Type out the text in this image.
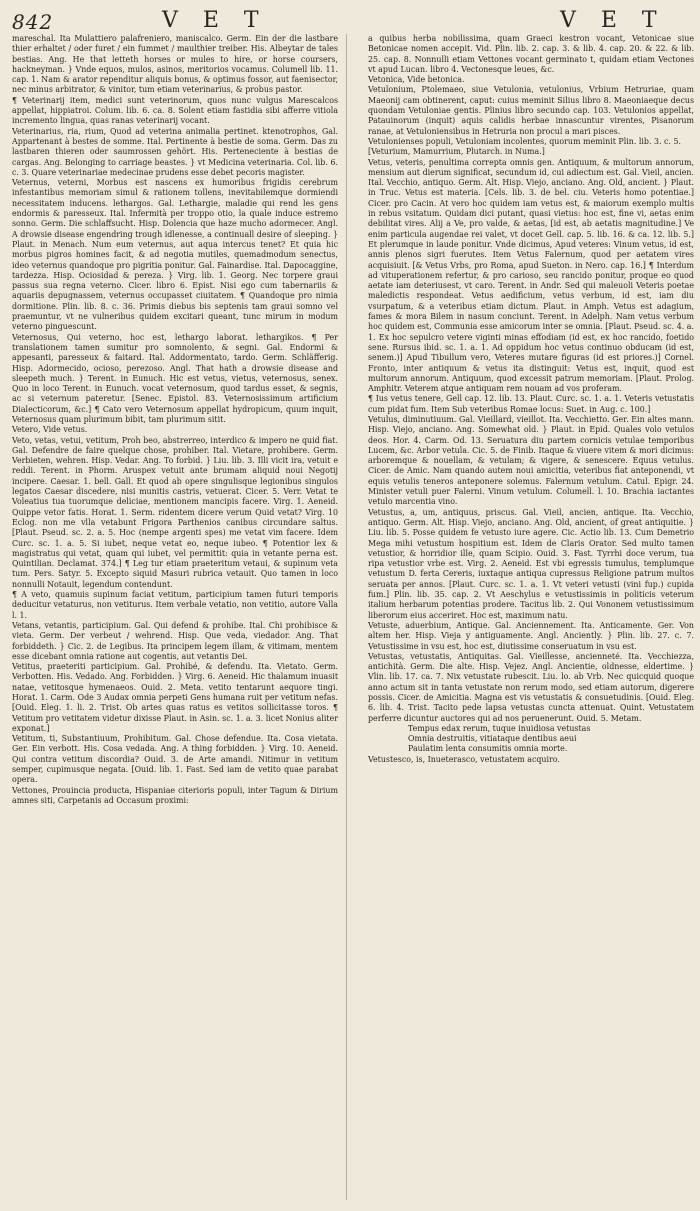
842	V E T	V E T

mareschal. Ita Mulattiero palafreniero, maniscalco. Germ. Ein der die lastbare thier erhaltet / oder furet / ein fummet / maulthier treiber. His. Albeytar de tales bestias. Ang. He that letteth horses or mules to hire, or horse coursers, hackneyman. } Vnde equos, mulos, asinos, meritorios vocamus. Columell lib. 11. cap. 1. Nam & arator rependitur aliquis bonus, & optimus fossor, aut faenisector, nec minus arbitrator, & vinitor, tum etiam veterinarius, & probus pastor.

¶ Veterinarij item, medici sunt veterinorum, quos nunc vulgus Marescalcos appellat, hippiatroi. Colum. lib. 6. ca. 8. Solent etiam fastidia sibi afferre vitiola incremento lingua, quas ranas veterinarij vocant.

Veterinarius, ria, rium, Quod ad veterina animalia pertinet. ktenotrophos, Gal. Appartenant à bestes de somme. Ital. Pertinente à bestie de soma. Germ. Das zu lastbaren thieren oder saumrossen gehört. His. Perteneciente à bestias de cargas. Ang. Belonging to carriage beastes. } vt Medicina veterinaria. Col. lib. 6. c. 3. Quare veterinariae medecinae prudens esse debet pecoris magister.

Veternus, veterni, Morbus est nascens ex humoribus frigidis cerebrum infestantibus memoriam simul & rationem tollens, inevitabilemque dormiendi necessitatem inducens. lethargos. Gal. Lethargie, maladie qui rend les gens endormis & paresseux. Ital. Infermità per troppo otio, la quale induce estremo sonno. Germ. Die schlaffsucht. Hisp. Dolencia que haze mucho adormecer. Angl. A drowsie disease engendring trough idlenesse, a continuall desire of sleeping. } Plaut. in Menach. Num eum veternus, aut aqua intercus tenet? Et quia hic morbus pigros homines facit, & ad negotia mutiles, quemadmodum senectus, ideo veternus quandoque pro pigritia ponitur. Gal. Fainardise. Ital. Dapocaggine, tardezza. Hisp. Ociosidad & pereza. } Virg. lib. 1. Georg. Nec torpere graui passus sua regna veterno. Cicer. libro 6. Epist. Nisi ego cum tabernariis & aquariis depugnassem, veternus occupasset ciuitatem. ¶ Quandoque pro nimia dormitione. Plin. lib. 8. c. 36. Primis diebus bis septenis tam graui somno vel praemuntur, vt ne vulneribus quidem excitari queant, tunc mirum in modum veterno pinguescunt.

Veternosus, Qui veterno, hoc est, lethargo laborat. lethargikos. ¶ Per translationem tamen sumitur pro somnolento, & segni. Gal. Endormi & appesanti, paresseux & faitard. Ital. Addormentato, tardo. Germ. Schläfferig. Hisp. Adormecido, ocioso, perezoso. Angl. That hath a drowsie disease and sleepeth much. } Terent. in Eunuch. Hic est vetus, vietus, veternosus, senex. Quo in loco Terent. in Eunuch. vocat veternosum, quod tardus esset, & segnis, ac si veternum pateretur. [Senec. Epistol. 83. Veternosissimum artificium Dialecticorum, &c.] ¶ Cato vero Veternosum appellat hydropicum, quum inquit, Veternosus quam plurimum bibit, tam plurimum sitit.

Vetero, Vide vetus.

Veto, vetas, vetui, vetitum, Proh beo, abstrerreo, interdico & impero ne quid fiat. Gal. Defendre de faire quelque chose, prohiber. Ital. Vietare, prohibere. Germ. Verbieten, wehren. Hisp. Vedar. Ang. To forbid. } Liu. lib. 3. Illi vicit ira, vetuit e reddi. Terent. in Phorm. Aruspex vetuit ante brumam aliquid noui Negotij incipere. Caesar. 1. bell. Gall. Et quod ab opere singulisque legionibus singulos legatos Caesar discedere, nisi munitis castris, vetuerat. Cicer. 5. Verr. Vetat te Voleatius tua tuorumque deliciae, mentionem mancipis facere. Virg. 1. Aeneid. Quippe vetor fatis. Horat. 1. Serm. ridentem dicere verum Quid vetat? Virg. 10 Eclog. non me vlla vetabunt Frigora Parthenios canibus circundare saltus. [Plaut. Pseud. sc. 2. a. 5. Hoc (nempe argenti spes) me vetat vim facere. Idem Curc. sc. 1. a. 5. Si iubet, neque vetat eo, neque iubeo. ¶ Potentior lex & magistratus qui vetat, quam qui iubet, vel permittit: quia in vetante perna est. Quintilian. Declamat. 374.] ¶ Leg tur etiam praeteritum vetaui, & supinum veta tum. Pers. Satyr. 5. Excepto siquid Masuri rubrica vetauit. Quo tamen in loco nonnulli Notauit, legendum contendunt.

¶ A veto, quamuis supinum faciat vetitum, participium tamen futuri temporis deducitur vetaturus, non vetiturus. Item verbale vetatio, non vetitio, autore Valla l. 1.

Vetans, vetantis, participium. Gal. Qui defend & prohibe. Ital. Chi prohibisce & vieta. Germ. Der verbeut / wehrend. Hisp. Que veda, viedador. Ang. That forbiddeth. } Cic. 2. de Legibus. Ita principem legem illam, & vitimam, mentem esse dicebant omnia ratione aut cogentis, aut vetantis Dei.

Vetitus, praeteriti participium. Gal. Prohibé, & defendu. Ita. Vietato. Germ. Verbotten. His. Vedado. Ang. Forbidden. } Virg. 6. Aeneid. Hic thalamum inuasit natae, vetitosque hymenaeos. Ouid. 2. Meta. vetito tentarunt aequore tingi. Horat. 1. Carm. Ode 3 Audax omnia perpeti Gens humana ruit per vetitum nefas. [Ouid. Eleg. 1. li. 2. Trist. Ob artes quas ratus es vetitos sollicitasse toros. ¶ Vetitum pro vetitatem videtur dixisse Plaut. in Asin. sc. 1. a. 3. licet Nonius aliter exponat.]

Vetitum, ti, Substantiuum, Prohibitum. Gal. Chose defendue. Ita. Cosa vietata. Ger. Ein verbott. His. Cosa vedada. Ang. A thing forbidden. } Virg. 10. Aeneid. Qui contra vetitum discordia? Ouid. 3. de Arte amandi. Nitimur in vetitum semper, cupimusque negata. [Ouid. lib. 1. Fast. Sed iam de vetito quae parabat opera.

Vettones, Prouincia producta, Hispaniae citerioris populi, inter Tagum & Dirium amnes siti, Carpetanis ad Occasum proximi:

a quibus herba nobilissima, quam Graeci kestron vocant, Vetonicae siue Betonicae nomen accepit. Vid. Plin. lib. 2. cap. 3. & lib. 4. cap. 20. & 22. & lib. 25. cap. 8. Nonnulli etiam Vettones vocant germinato t, quidam etiam Vectones vt apud Lucan. libro 4. Vectonesque leues, &c.

Vetonica, Vide betonica.

Vetulonium, Ptolemaeo, siue Vetulonia, vetulonius, Vrbium Hetruriae, quam Maeonij cam obtinerent, caput: cuius meminit Silius libro 8. Maeoniaeque decus quondam Vetuloniae gentis. Plinius libro secundo cap. 103. Vetulonios appellat, Patauinorum (inquit) aquis calidis herbae innascuntur virentes, Pisanorum ranae, at Vetuloniensibus in Hetruria non procul a mari pisces.

Vetulonienses populi, Vetuloniam incolentes, quorum meminit Plin. lib. 3. c. 5.

[Veturium, Mamurrium, Plutarch. in Numa.]

Vetus, veteris, penultima correpta omnis gen. Antiquum, & multorum annorum, mensium aut dierum significat, secundum id, cui adiectum est. Gal. Vieil, ancien. Ital. Vecchio, antiquo. Germ. Alt. Hisp. Viejo, anciano. Ang. Old, ancient. } Plaut. in Truc. Vetus est materia. [Cels. lib. 3. de bel. ciu. Veteris homo potentiae.] Cicer. pro Cacin. At vero hoc quidem iam vetus est, & maiorum exemplo multis in rebus vsitatum. Quidam dici putant, quasi vietus: hoc est, fine vi, aetas enim debilitat vires. Alij a Ve, pro valde, & aetas, [id est, ab aetatis magnitudine.] Ve enim particula augendae rei valet, vt docet Gell. cap. 5. lib. 16. & ca. 12. lib. 5.] Et plerumque in laude ponitur. Vnde dicimus, Apud veteres: Vinum vetus, id est, annis plenos sigri fuerutes. Item Vetus Falernum, quod per aetatem vires acquisiuit. [& Vetus Vrbs, pro Roma, apud Sueton. in Nero. cap. 16.] ¶ Interdum ad vituperationem refertur, & pro carioso, seu rancido ponitur, proque eo quod aetate iam deteriusest, vt caro. Terent. in Andr. Sed qui maleuoli Veteris poetae maledictis respondeat. Vetus aedificium, vetus verbum, id est, iam diu vsurpatum, & a veteribus etiam dictum. Plaut. in Amph. Vetus est adagium, fames & mora Bilem in nasum conciunt. Terent. in Adelph. Nam vetus verbum hoc quidem est, Communia esse amicorum inter se omnia. [Plaut. Pseud. sc. 4. a. 1. Ex hoc sepulcro vetere viginti minas effodiam (id est, ex hoc rancido, foetido sene. Rursus ibid. sc. 1. a. 1. Ad oppidum hoc vetus continuo obducam (id est, senem.)] Apud Tibullum vero, Veteres mutare figuras (id est priores.)] Cornel. Fronto, inter antiquum & vetus ita distinguit: Vetus est, inquit, quod est multorum annorum. Antiquum, quod excessit patrum memoriam. [Plaut. Prolog. Amphitr. Veterem atque antiquam rem nouam ad vos proferam.

¶ Ius vetus tenere, Gell cap. 12. lib. 13. Plaut. Curc. sc. 1. a. 1. Veteris vetustatis cum pidat fum. Item Sub veteribus Romae locus: Suet. in Aug. c. 100.]

Vetulus, diminutiuum. Gal. Vieillard, vieillot. Ita. Vecchietto. Ger. Ein altes mann. Hisp. Viejo, anciano. Ang. Somewhat old. } Plaut. in Epid. Quales volo vetulos deos. Hor. 4. Carm. Od. 13. Seruatura diu partem cornicis vetulae temporibus Lucem, &c. Arbor vetula. Cic. 5. de Finib. Itaque & viuere vitem & mori dicimus: arboremque & nouellam, & vetulam; & vigere, & senescere. Equus vetulus. Cicer. de Amic. Nam quando autem noui amicitia, veteribus fiat anteponendi, vt equis vetulis teneros anteponere solemus. Falernum vetulum. Catul. Epigr. 24. Minister vetuli puer Falerni. Vinum vetulum. Columell. l. 10. Brachia iactantes vetulo marcentia vino.

Vetustus, a, um, antiquus, priscus. Gal. Vieil, ancien, antique. Ita. Vecchio, antiquo. Germ. Alt. Hisp. Viejo, anciano. Ang. Old, ancient, of great antiquitie. } Liu. lib. 5. Posse quidem fe vetusto iure agere. Cic. Actio lib. 13. Cum Demetrio Mega mihi vetustum hospitium est. Idem de Claris Orator. Sed multo tamen vetustior, & horridior ille, quam Scipio. Ouid. 3. Fast. Tyrrhi doce verum, tua ripa vetustior vrbe est. Virg. 2. Aeneid. Est vbi egressis tumulus, templumque vetustum D. ferta Cereris, iuxtaque antiqua cupressus Religione patrum multos seruata per annos. [Plaut. Curc. sc. 1. a. 1. Vt veteri vetusti (vini fup.) cupida fum.] Plin. lib. 35. cap. 2. Vt Aeschylus e vetustissimis in politicis veterum italium herbarum potentias prodere. Tacitus lib. 2. Qui Vononem vetustissimum liberorum eius acceriret. Hoc est, maximum natu.

Vetuste, aduerbium, Antique. Gal. Anciennement. Ita. Anticamente. Ger. Von altem her. Hisp. Vieja y antiguamente. Angl. Anciently. } Plin. lib. 27. c. 7. Vetustissime in vsu est, hoc est, diutissime conseruatum in vsu est.

Vetustas, vetustatis, Antiquitas. Gal. Vieillesse, ancienneté. Ita. Vecchiezza, antichità. Germ. Die alte. Hisp. Vejez. Angl. Ancientie, oldnesse, eldertime. } Vlin. lib. 17. ca. 7. Nix vetustate rubescit. Liu. lo. ab Vrb. Nec quicquid quoque anno actum sit in tanta vetustate non rerum modo, sed etiam autorum, digerere possis. Cicer. de Amicitia. Magna est vis vetustatis & consuetudinis. [Ouid. Eleg. 6. lib. 4. Trist. Tacito pede lapsa vetustas cuncta attenuat. Quint. Vetustatem perferre dicuntur auctores qui ad nos peruenerunt. Ouid. 5. Metam.

Tempus edax rerum, tuque inuidiosa vetustas

Omnia destruitis, vitiataque dentibus aeui

Paulatim lenta consumitis omnia morte.

Vetustesco, is, Inueterasco, vetustatem acquiro.
